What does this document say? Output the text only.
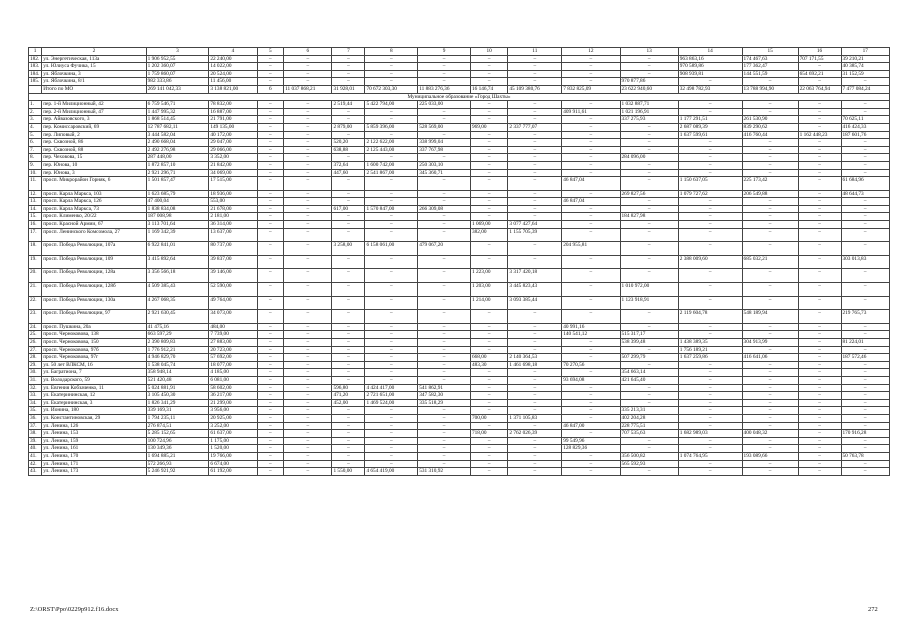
1	2	3	4	5	6	7	8	9	10	11	12	13	14	15	16	17
182.	ул. Энергетическая, 113а	1 906 952,55	22 240,00	–	–	–	–	–	–	–	–	–	963 863,16	174 467,63	707 171,55	39 210,21
183.	ул. Юлиуса Фучика, 15	1 202 360,07	14 022,00	–	–	–	–	–	–	–	–	–	970 589,86	177 362,47	–	40 385,74
184.	ул. Яблочкина, 3	1 759 860,07	20 524,00	–	–	–	–	–	–	–	–	–	908 939,81	144 551,59	654 692,21	31 152,59
185.	ул. Яблочкина, 8/1	982 333,86	11 456,00	–	–	–	–	–	–	–	–	970 877,86	–	–	–	–
	Итого по МО	269 141 042,33	3 138 821,00	6	11 037 868,21	31 928,01	70 672 303,30	11 883 276,36	16 146,74	45 109 380,76	7 832 825,09	23 622 940,60	32 498 782,93	13 788 994,90	22 063 764,94	7 477 084,24
Муниципальное образование «Город Шахты»																
1.	пер. 1-й Милиционный, 42	6 759 546,71	78 832,00	–	–	2 519,44	5 422 794,00	225 033,00	–	–	–	1 032 887,71	–	–	–	–
2.	пер. 2-й Милиционный, 47	1 447 995,32	16 887,00	–	–	–	–	–	–	–	409 911,61	1 021 196,91	–	–	–	–
3.	пер. Айвазовского, 3	1 868 514,45	21 791,00	–	–	–	–	–	–	–	–	337 275,93	1 177 291,51	261 530,90	–	70 625,11
4.	пер. Комиссаровский, 69	12 787 682,11	149 135,00	–	–	2 879,00	5 859 396,00	528 569,00	969,00	2 337 777,07	–	–	2 687 089,39	839 290,62	–	416 424,33
5.	пер. Липовый, 2	3 444 582,04	40 172,00	–	–	–	–	–	–	–	–	–	1 637 599,61	416 760,44	1 162 448,23	187 601,76
6.	пер. Сквозной, 86	2 490 668,04	29 047,00	–	–	520,20	2 122 622,00	338 999,04	–	–	–	–	–	–	–	–
7.	пер. Сквозной, 88	2 492 276,98	29 066,00	–	–	638,88	2 125 443,00	337 767,98	–	–	–	–	–	–	–	–
8.	пер. Чеховова, 15	287 448,00	3 352,00	–	–	–	–	–	–	–	–	284 096,00	–	–	–	–
9.	пер. Юнова, 10	1 872 857,10	21 842,00	–	–	372,64	1 600 742,00	250 303,10	–	–	–	–	–	–	–	–
10.	пер. Юнова, 3	2 921 296,71	34 069,00	–	–	447,60	2 541 867,00	345 360,71	–	–	–	–	–	–	–	–
11.	просп. Микрорайон Горняк, 6	1 501 857,47	17 515,00	–	–	–	–	–	–	–	46 847,04	–	1 150 637,05	225 173,42	–	61 684,96
12.	просп. Карла Маркса, 103	1 623 685,79	18 936,00	–	–	–	–	–	–	–	–	269 827,56	1 079 727,62	206 549,88	–	48 644,73
13.	просп. Карла Маркса, 126	47 400,04	553,00	–	–	–	–	–	–	–	46 847,04	–	–	–	–	–
14.	просп. Карла Маркса, 73	1 838 834,08	21 678,00	–	–	617,00	1 570 847,00	266 309,08	–	–	–	–	–	–	–	–
15.	просп. Клименко, 20/22	187 008,98	2 181,00	–	–	–	–	–	–	–	–	184 827,98	–	–	–	–
16.	просп. Красной Армии, 67	3 113 701,64	36 314,00	–	–	–	–	–	1 069,00	3 077 427,64	–	–	–	–	–	–
17.	просп. Ленинского Комсомола, 27	1 169 342,39	13 637,00	–	–	–	–	–	382,00	1 155 705,39	–	–	–	–	–	–
18.	просп. Победа Революции, 107а	6 922 841,01	80 737,00	–	–	3 258,00	6 158 061,00	479 067,20	–	–	204 955,81	–	–	–	–	–
19.	просп. Победа Революции, 109	3 415 892,64	39 837,00	–	–	–	–	–	–	–	–	–	2 388 009,60	685 032,21	–	303 013,83
20.	просп. Победа Революции, 128а	3 356 566,18	39 146,00	–	–	–	–	–	1 223,00	3 317 420,18	–	–	–	–	–	–
21.	просп. Победа Революции, 128б	4 509 385,43	52 590,00	–	–	–	–	–	1 203,00	3 445 823,43	–	1 010 972,00	–	–	–	–
22.	просп. Победа Революции, 130а	4 267 068,35	49 764,00	–	–	–	–	–	1 214,00	3 093 385,44	–	1 123 918,91	–	–	–	–
23.	просп. Победа Революции, 97	2 921 630,45	34 073,00	–	–	–	–	–	–	–	–	–	2 119 604,78	548 189,94	–	219 765,73
24.	просп. Пушкина, 20а	41 475,16	484,00	–	–	–	–	–	–	–	40 991,16	–	–	–	–	–
25.	просп. Черноковова, 138	663 597,29	7 739,00	–	–	–	–	–	–	–	140 541,12	515 317,17	–	–	–	–
26.	просп. Черноковова, 150	2 390 809,83	27 883,00	–	–	–	–	–	–	–	–	538 399,48	1 438 389,35	304 913,99	–	81 224,01
27.	просп. Черноковова, 97б	1 776 912,21	20 723,00	–	–	–	–	–	–	–	–	–	1 756 189,21	–	–	–
28.	просп. Черноковова, 97г	4 946 829,70	57 692,00	–	–	–	–	–	668,00	2 140 364,53	–	507 299,79	1 637 259,86	416 641,06	–	187 572,46
29.	ул. 50 лет ВЛКСМ, 16	1 538 045,74	18 077,00	–	–	–	–	–	483,30	1 461 698,18	70 270,56	–	–	–	–	–
30.	ул. Багратиона, 7	358 948,14	4 185,00	–	–	–	–	–	–	–	–	354 663,14	–	–	–	–
31.	ул. Володарского, 59	521 420,48	6 081,00	–	–	–	–	–	–	–	93 694,08	421 645,40	–	–	–	–
32.	ул. Евгения Кобзаченко, 11	5 024 881,91	58 602,00	–	–	596,80	4 424 417,00	541 862,91	–	–	–	–	–	–	–	–
33.	ул. Екатерининская, 12	3 105 450,30	36 217,00	–	–	471,20	2 721 651,00	347 582,30	–	–	–	–	–	–	–	–
34.	ул. Екатерининская, 3	1 826 341,29	21 299,00	–	–	452,00	1 469 524,00	335 518,29	–	–	–	–	–	–	–	–
35.	ул. Ионина, 180	339 169,31	3 956,00	–	–	–	–	–	–	–	–	335 213,31	–	–	–	–
36.	ул. Константиновская, 29	1 794 235,11	20 925,00	–	–	–	–	–	700,00	1 371 105,83	–	402 204,28	–	–	–	–
37.	ул. Ленина, 126	276 874,51	3 252,00	–	–	–	–	–	–	–	46 847,00	228 775,51	–	–	–	–
38.	ул. Ленина, 153	5 285 152,65	61 637,00	–	–	–	–	–	718,00	2 762 026,39	–	707 535,63	1 682 989,03	400 048,32	–	170 916,28
39.	ул. Ленина, 159	100 724,96	1 175,00	–	–	–	–	–	–	–	99 549,96	–	–	–	–	–
40.	ул. Ленина, 161	130 349,36	1 520,00	–	–	–	–	–	–	–	128 829,36	–	–	–	–	–
41.	ул. Ленина, 170	1 694 885,21	19 766,00	–	–	–	–	–	–	–	–	356 500,82	1 074 764,95	193 089,66	–	50 763,78
42.	ул. Ленина, 171	572 266,93	6 674,00	–	–	–	–	–	–	–	–	565 592,93	–	–	–	–
43.	ул. Ленина, 173	5 246 921,92	61 192,00	–	–	1 550,00	4 654 419,00	531 310,92	–	–	–	–	–	–	–	–
Z:\ORST\Ppo\0229p912.f16.docx	272
